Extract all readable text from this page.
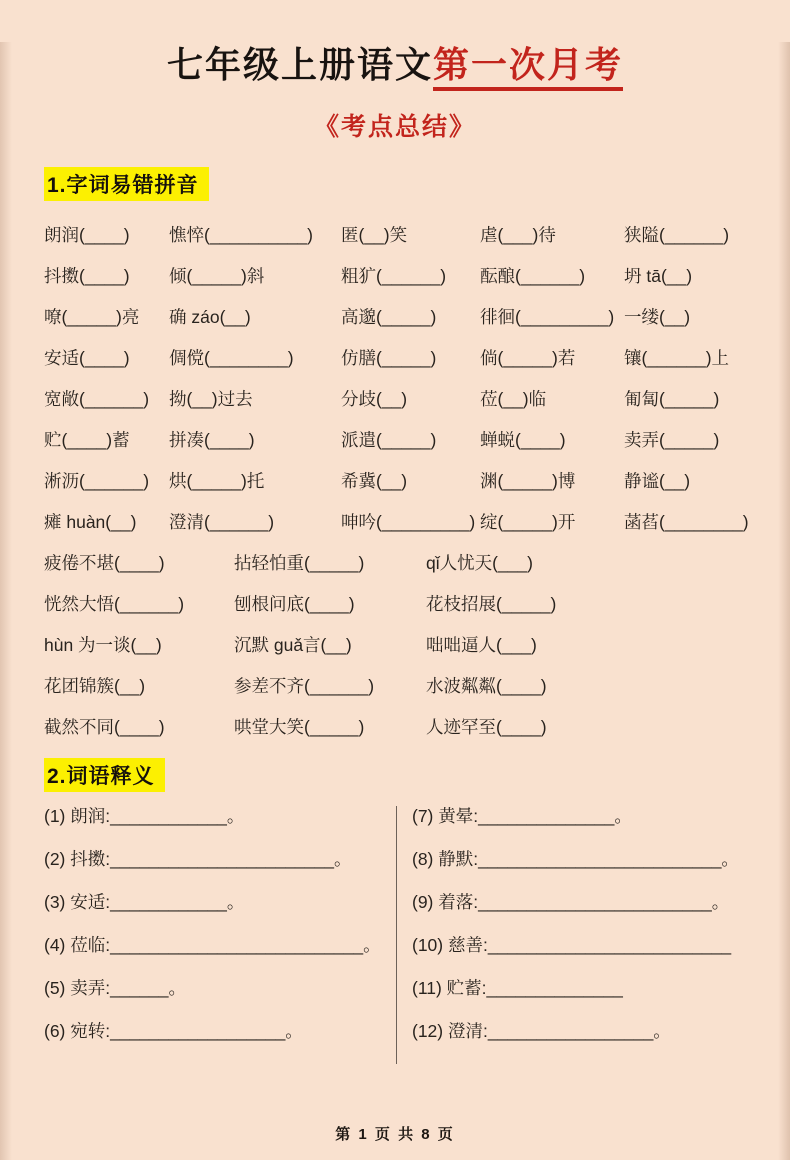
七年级上册语文第一次月考
《考点总结》
1.字词易错拼音
朗润(____)	憔悴(__________)	匿(__)笑	虐(___)待	狭隘(______)
抖擞(____)	倾(_____)斜	粗犷(______)	酝酿(______)	坍 tā(__)
嘹(_____)亮	确 záo(__)	高邈(_____)	徘徊(_________) 一缕(__)
安适(____)	倜傥(________)	仿膳(_____)	倘(_____)若	镶(______)上
宽敞(______)	拗(__)过去	分歧(__)	莅(__)临	匍匐(_____)
贮(____)蓄	拼凑(____)	派遣(_____)	蝉蜕(____)	卖弄(_____)
淅沥(______)	烘(_____)托	希冀(__)	渊(_____)博	静谧(__)
瘫 huàn(__)	澄清(______)	呻吟(_________) 绽(_____)开	菡萏(________)
疲倦不堪(____)	拈轻怕重(_____)	qǐ人忧天(___)
恍然大悟(______)	刨根问底(____)	花枝招展(_____)
hùn 为一谈(__)	沉默 guǎ言(__)	咄咄逼人(___)
花团锦簇(__)	参差不齐(______)	水波粼粼(____)
截然不同(____)	哄堂大笑(_____)	人迹罕至(____)
2.词语释义
(1) 朗润:____________。
(2) 抖擞:_______________________。
(3) 安适:____________。
(4) 莅临:__________________________。
(5) 卖弄:______。
(6) 宛转:__________________。
(7) 黄晕:______________。
(8) 静默:_________________________。
(9) 着落:________________________。
(10) 慈善:_________________________
(11) 贮蓄:______________
(12) 澄清:_________________。
第 1 页 共 8 页
